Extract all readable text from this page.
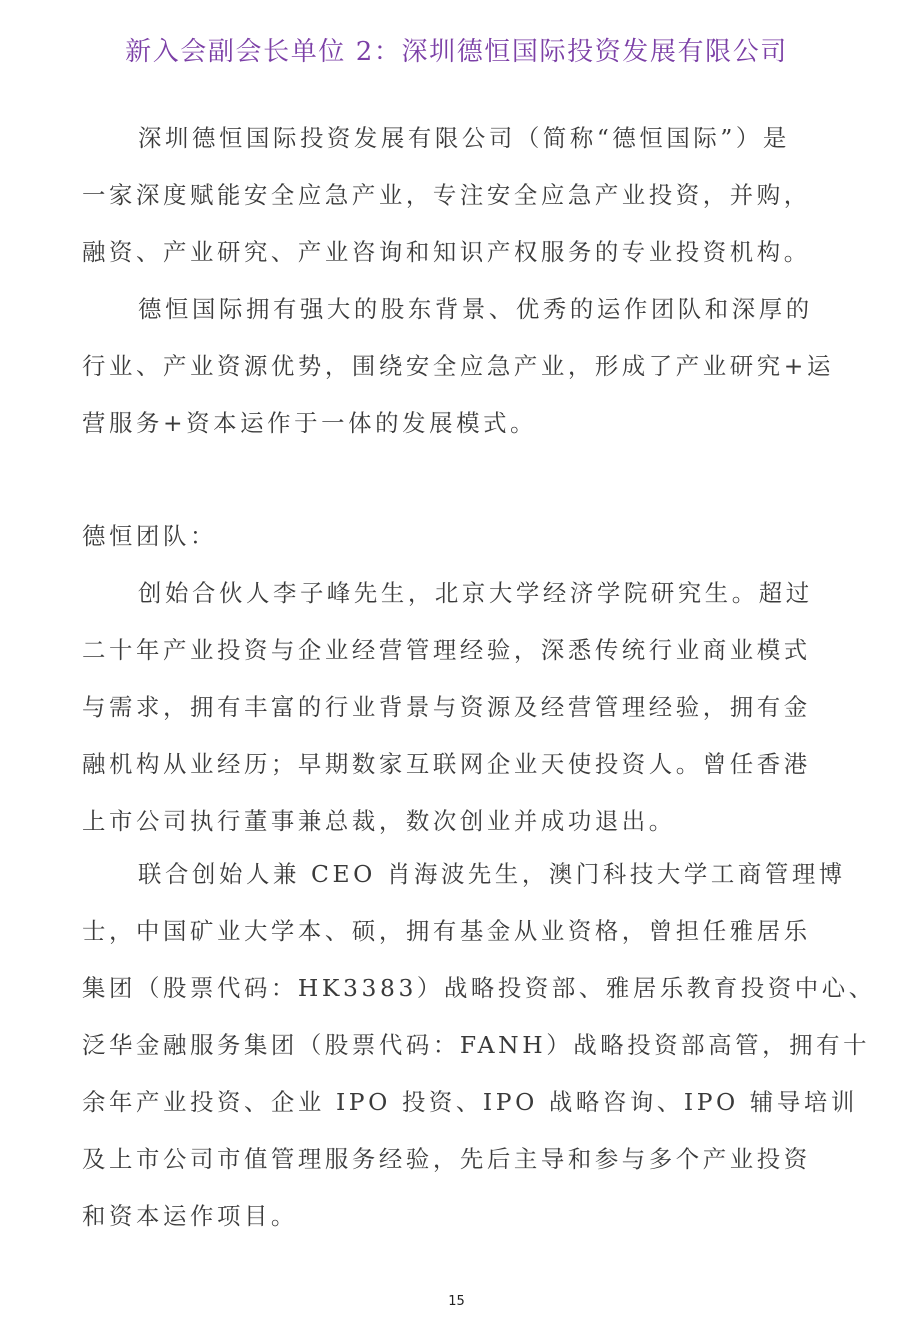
新入会副会长单位 2：深圳德恒国际投资发展有限公司
深圳德恒国际投资发展有限公司（简称“德恒国际”）是
一家深度赋能安全应急产业，专注安全应急产业投资，并购，
融资、产业研究、产业咨询和知识产权服务的专业投资机构。
德恒国际拥有强大的股东背景、优秀的运作团队和深厚的
行业、产业资源优势，围绕安全应急产业，形成了产业研究+运
营服务+资本运作于一体的发展模式。
德恒团队：
创始合伙人李子峰先生，北京大学经济学院研究生。超过
二十年产业投资与企业经营管理经验，深悉传统行业商业模式
与需求，拥有丰富的行业背景与资源及经营管理经验，拥有金
融机构从业经历；早期数家互联网企业天使投资人。曾任香港
上市公司执行董事兼总裁，数次创业并成功退出。
联合创始人兼 CEO 肖海波先生，澳门科技大学工商管理博
士，中国矿业大学本、硕，拥有基金从业资格，曾担任雅居乐
集团（股票代码：HK3383）战略投资部、雅居乐教育投资中心、
泛华金融服务集团（股票代码：FANH）战略投资部高管，拥有十
余年产业投资、企业 IPO 投资、IPO 战略咨询、IPO 辅导培训
及上市公司市值管理服务经验，先后主导和参与多个产业投资
和资本运作项目。
15
